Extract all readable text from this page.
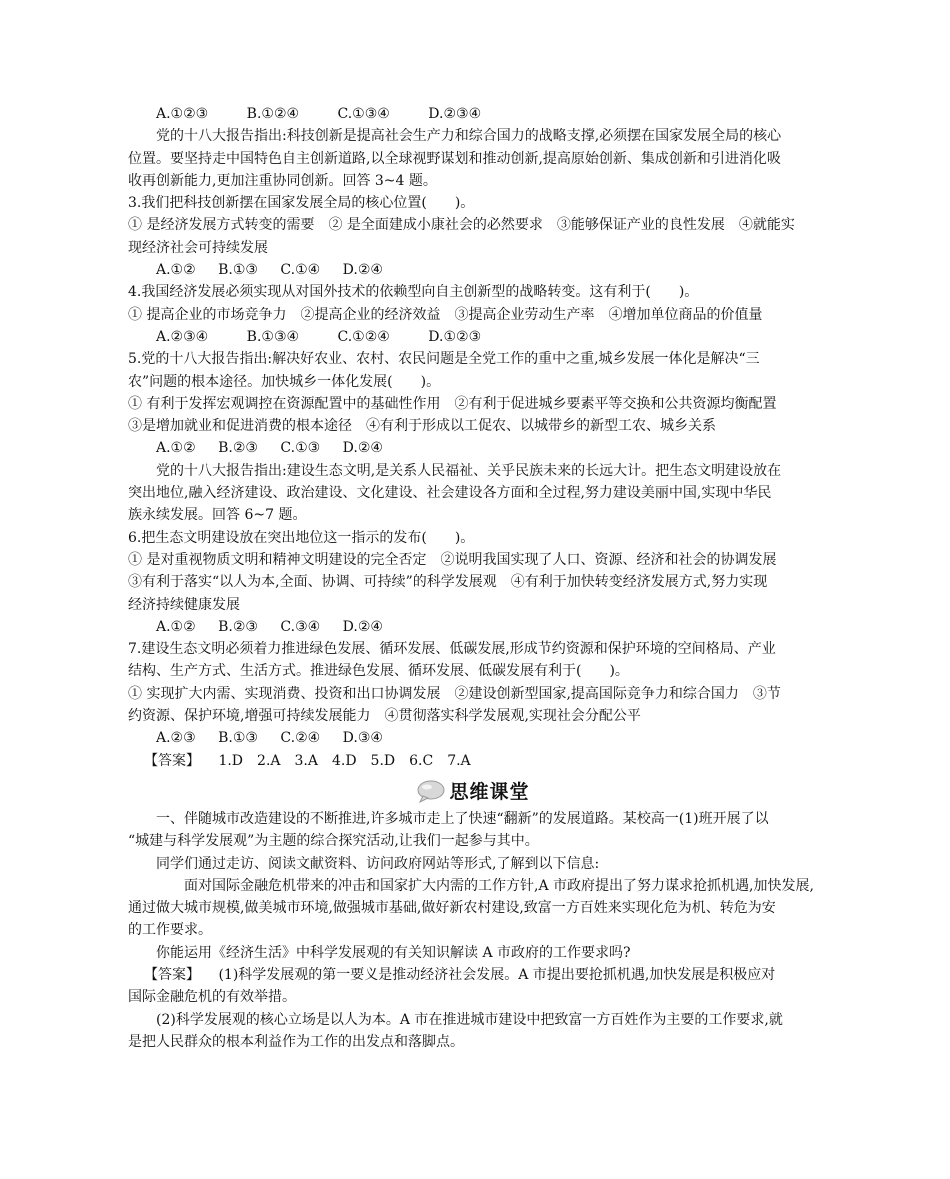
A.①②③	B.①②④	C.①③④	D.②③④
党的十八大报告指出:科技创新是提高社会生产力和综合国力的战略支撑,必须摆在国家发展全局的核心
位置。要坚持走中国特色自主创新道路,以全球视野谋划和推动创新,提高原始创新、集成创新和引进消化吸
收再创新能力,更加注重协同创新。回答 3~4 题。
3.我们把科技创新摆在国家发展全局的核心位置(　　)。
① 是经济发展方式转变的需要　② 是全面建成小康社会的必然要求　③能够保证产业的良性发展　④就能实
现经济社会可持续发展
A.①② B.①③ C.①④ D.②④
4.我国经济发展必须实现从对国外技术的依赖型向自主创新型的战略转变。这有利于(　　)。
① 提高企业的市场竞争力　②提高企业的经济效益　③提高企业劳动生产率　④增加单位商品的价值量
A.②③④	B.①③④	C.①②④	D.①②③
5.党的十八大报告指出:解决好农业、农村、农民问题是全党工作的重中之重,城乡发展一体化是解决“三
农”问题的根本途径。加快城乡一体化发展(　　)。
① 有利于发挥宏观调控在资源配置中的基础性作用　②有利于促进城乡要素平等交换和公共资源均衡配置
③是增加就业和促进消费的根本途径　④有利于形成以工促农、以城带乡的新型工农、城乡关系
A.①② B.②③ C.①③ D.②④
党的十八大报告指出:建设生态文明,是关系人民福祉、关乎民族未来的长远大计。把生态文明建设放在
突出地位,融入经济建设、政治建设、文化建设、社会建设各方面和全过程,努力建设美丽中国,实现中华民
族永续发展。回答 6~7 题。
6.把生态文明建设放在突出地位这一指示的发布(　　)。
① 是对重视物质文明和精神文明建设的完全否定　②说明我国实现了人口、资源、经济和社会的协调发展
③有利于落实“以人为本,全面、协调、可持续”的科学发展观　④有利于加快转变经济发展方式,努力实现
经济持续健康发展
A.①② B.②③ C.③④ D.②④
7.建设生态文明必须着力推进绿色发展、循环发展、低碳发展,形成节约资源和保护环境的空间格局、产业
结构、生产方式、生活方式。推进绿色发展、循环发展、低碳发展有利于(　　)。
① 实现扩大内需、实现消费、投资和出口协调发展　②建设创新型国家,提高国际竞争力和综合国力　③节
约资源、保护环境,增强可持续发展能力　④贯彻落实科学发展观,实现社会分配公平
A.②③ B.①③ C.②④ D.③④
【答案】 1.D　2.A　3.A　4.D　5.D　6.C　7.A
思维课堂
一、伴随城市改造建设的不断推进,许多城市走上了快速“翻新”的发展道路。某校高一(1)班开展了以
“城建与科学发展观”为主题的综合探究活动,让我们一起参与其中。
同学们通过走访、阅读文献资料、访问政府网站等形式,了解到以下信息:
面对国际金融危机带来的冲击和国家扩大内需的工作方针,A 市政府提出了努力谋求抢抓机遇,加快发展,
通过做大城市规模,做美城市环境,做强城市基础,做好新农村建设,致富一方百姓来实现化危为机、转危为安
的工作要求。
你能运用《经济生活》中科学发展观的有关知识解读 A 市政府的工作要求吗?
【答案】 (1)科学发展观的第一要义是推动经济社会发展。A 市提出要抢抓机遇,加快发展是积极应对
国际金融危机的有效举措。
(2)科学发展观的核心立场是以人为本。A 市在推进城市建设中把致富一方百姓作为主要的工作要求,就
是把人民群众的根本利益作为工作的出发点和落脚点。
